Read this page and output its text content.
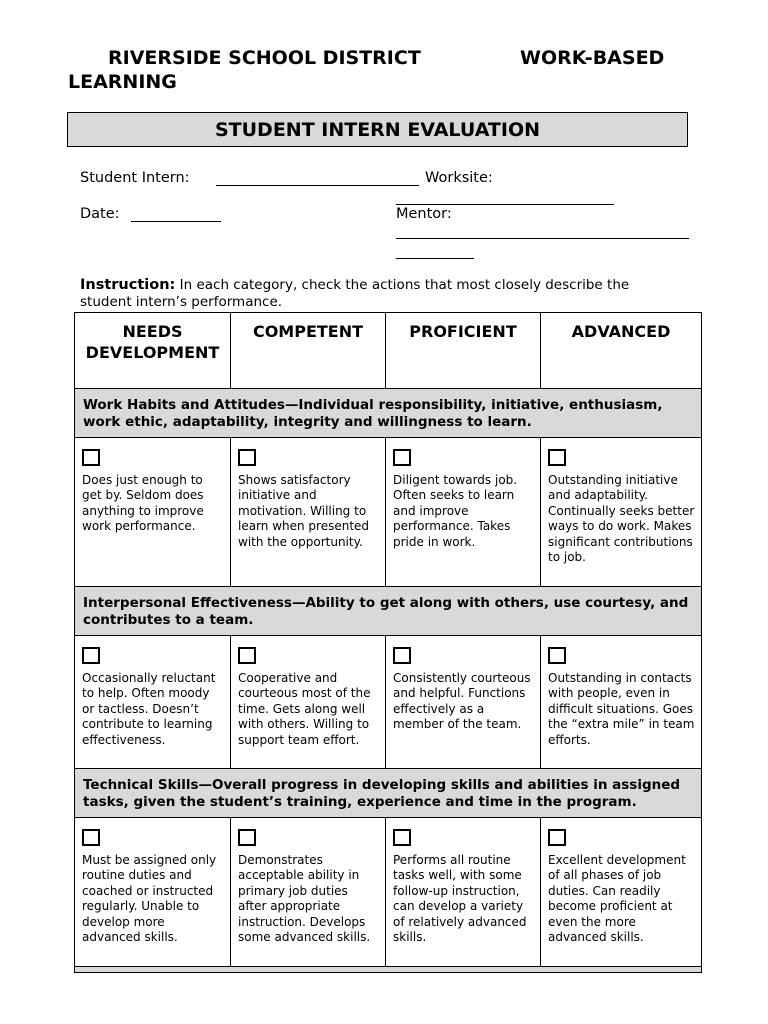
RIVERSIDE SCHOOL DISTRICT	WORK-BASED
LEARNING
STUDENT INTERN EVALUATION
Student Intern:	Worksite:
Date:	Mentor:
Instruction: In each category, check the actions that most closely describe the student intern’s performance.
NEEDS DEVELOPMENT	COMPETENT	PROFICIENT	ADVANCED
Work Habits and Attitudes—Individual responsibility, initiative, enthusiasm, work ethic, adaptability, integrity and willingness to learn.			

Does just enough to get by. Seldom does anything to improve work performance.	Shows satisfactory initiative and motivation. Willing to learn when presented with the opportunity.	Diligent towards job. Often seeks to learn and improve performance. Takes pride in work.	Outstanding initiative and adaptability. Continually seeks better ways to do work. Makes significant contributions to job.
Interpersonal Effectiveness—Ability to get along with others, use courtesy, and contributes to a team.			

Occasionally reluctant to help. Often moody or tactless. Doesn’t contribute to learning effectiveness.	Cooperative and courteous most of the time. Gets along well with others. Willing to support team effort.	Consistently courteous and helpful. Functions effectively as a member of the team.	Outstanding in contacts with people, even in difficult situations. Goes the “extra mile” in team efforts.
Technical Skills—Overall progress in developing skills and abilities in assigned tasks, given the student’s training, experience and time in the program.			

Must be assigned only routine duties and coached or instructed regularly. Unable to develop more advanced skills.	Demonstrates acceptable ability in primary job duties after appropriate instruction. Develops some advanced skills.	Performs all routine tasks well, with some follow-up instruction, can develop a variety of relatively advanced skills.	Excellent development of all phases of job duties. Can readily become proficient at even the more advanced skills.
